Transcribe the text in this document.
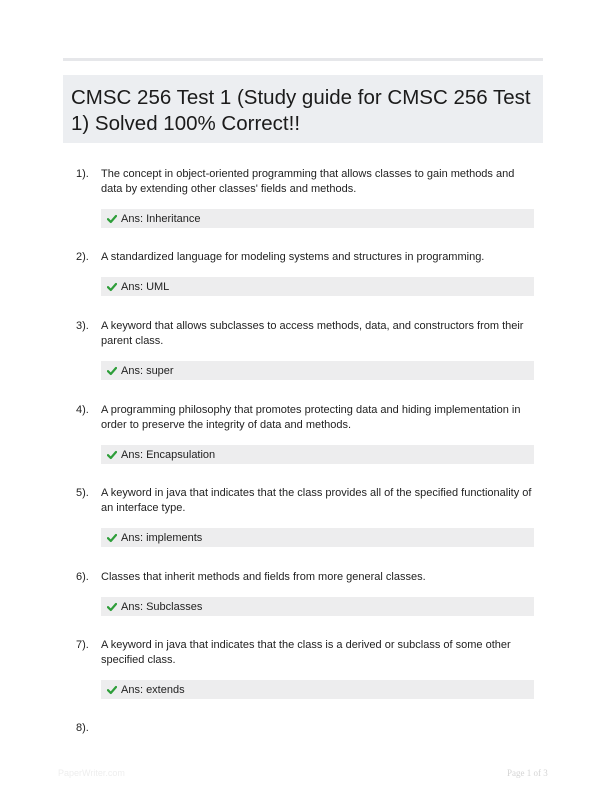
CMSC 256 Test 1 (Study guide for CMSC 256 Test 1) Solved 100% Correct!!
1). The concept in object-oriented programming that allows classes to gain methods and data by extending other classes' fields and methods.
Ans: Inheritance
2). A standardized language for modeling systems and structures in programming.
Ans: UML
3). A keyword that allows subclasses to access methods, data, and constructors from their parent class.
Ans: super
4). A programming philosophy that promotes protecting data and hiding implementation in order to preserve the integrity of data and methods.
Ans: Encapsulation
5). A keyword in java that indicates that the class provides all of the specified functionality of an interface type.
Ans: implements
6). Classes that inherit methods and fields from more general classes.
Ans: Subclasses
7). A keyword in java that indicates that the class is a derived or subclass of some other specified class.
Ans: extends
8).
PaperWriter.com	Page 1 of 3
